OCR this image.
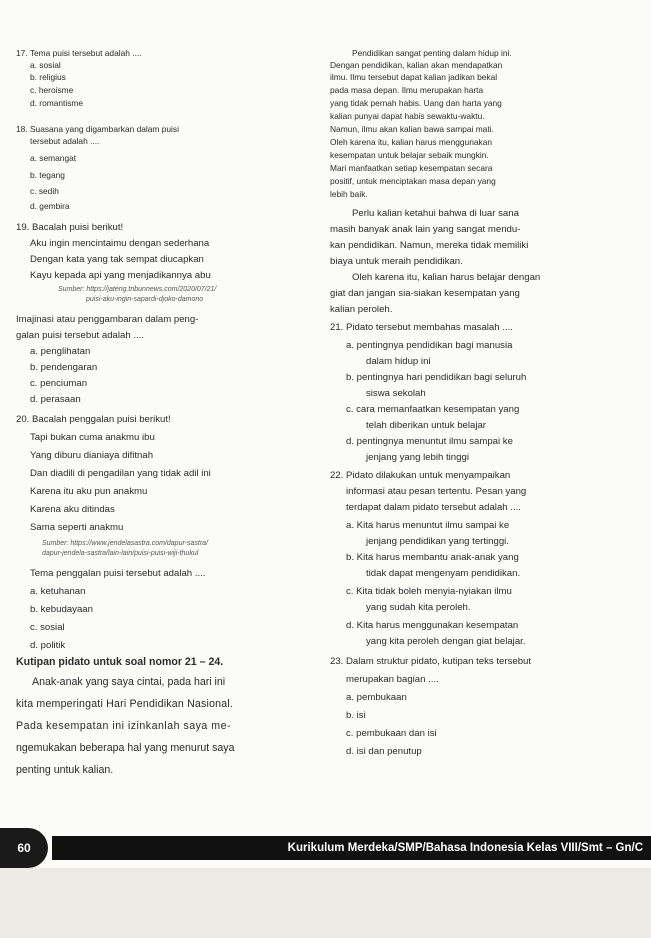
17. Tema puisi tersebut adalah ....
a. sosial
b. religius
c. heroisme
d. romantisme
18. Suasana yang digambarkan dalam puisi
tersebut adalah ....
a. semangat
b. tegang
c. sedih
d. gembira
19. Bacalah puisi berikut!
Aku ingin mencintaimu dengan sederhana
Dengan kata yang tak sempat diucapkan
Kayu kepada api yang menjadikannya abu
Sumber: https://jateng.tribunnews.com/2020/07/21/
puisi-aku-ingin-sapardi-djoko-damono
Imajinasi atau penggambaran dalam peng-
galan puisi tersebut adalah ....
a. penglihatan
b. pendengaran
c. penciuman
d. perasaan
20. Bacalah penggalan puisi berikut!
Tapi bukan cuma anakmu ibu
Yang diburu dianiaya difitnah
Dan diadili di pengadilan yang tidak adil ini
Karena itu aku pun anakmu
Karena aku ditindas
Sama seperti anakmu
Sumber: https://www.jendelasastra.com/dapur-sastra/
dapur-jendela-sastra/lain-lain/puisi-puisi-wiji-thukul
Tema penggalan puisi tersebut adalah ....
a. ketuhanan
b. kebudayaan
c. sosial
d. politik
Kutipan pidato untuk soal nomor 21 – 24.
Anak-anak yang saya cintai, pada hari ini
kita memperingati Hari Pendidikan Nasional.
Pada kesempatan ini izinkanlah saya me-
ngemukakan beberapa hal yang menurut saya
penting untuk kalian.
Pendidikan sangat penting dalam hidup ini.
Dengan pendidikan, kalian akan mendapatkan
ilmu. Ilmu tersebut dapat kalian jadikan bekal
pada masa depan. Ilmu merupakan harta
yang tidak pernah habis. Uang dan harta yang
kalian punyai dapat habis sewaktu-waktu.
Namun, ilmu akan kalian bawa sampai mati.
Oleh karena itu, kalian harus menggunakan
kesempatan untuk belajar sebaik mungkin.
Mari manfaatkan setiap kesempatan secara
positif, untuk menciptakan masa depan yang
lebih baik.
Perlu kalian ketahui bahwa di luar sana
masih banyak anak lain yang sangat mendu-
kan pendidikan. Namun, mereka tidak memiliki
biaya untuk meraih pendidikan.
Oleh karena itu, kalian harus belajar dengan
giat dan jangan sia-siakan kesempatan yang
kalian peroleh.
21. Pidato tersebut membahas masalah ....
a. pentingnya pendidikan bagi manusia
dalam hidup ini
b. pentingnya hari pendidikan bagi seluruh
siswa sekolah
c. cara memanfaatkan kesempatan yang
telah diberikan untuk belajar
d. pentingnya menuntut ilmu sampai ke
jenjang yang lebih tinggi
22. Pidato dilakukan untuk menyampaikan
informasi atau pesan tertentu. Pesan yang
terdapat dalam pidato tersebut adalah ....
a. Kita harus menuntut ilmu sampai ke
jenjang pendidikan yang tertinggi.
b. Kita harus membantu anak-anak yang
tidak dapat mengenyam pendidikan.
c. Kita tidak boleh menyia-nyiakan ilmu
yang sudah kita peroleh.
d. Kita harus menggunakan kesempatan
yang kita peroleh dengan giat belajar.
23. Dalam struktur pidato, kutipan teks tersebut
merupakan bagian ....
a. pembukaan
b. isi
c. pembukaan dan isi
d. isi dan penutup
60	Kurikulum Merdeka/SMP/Bahasa Indonesia Kelas VIII/Smt – Gn/C
